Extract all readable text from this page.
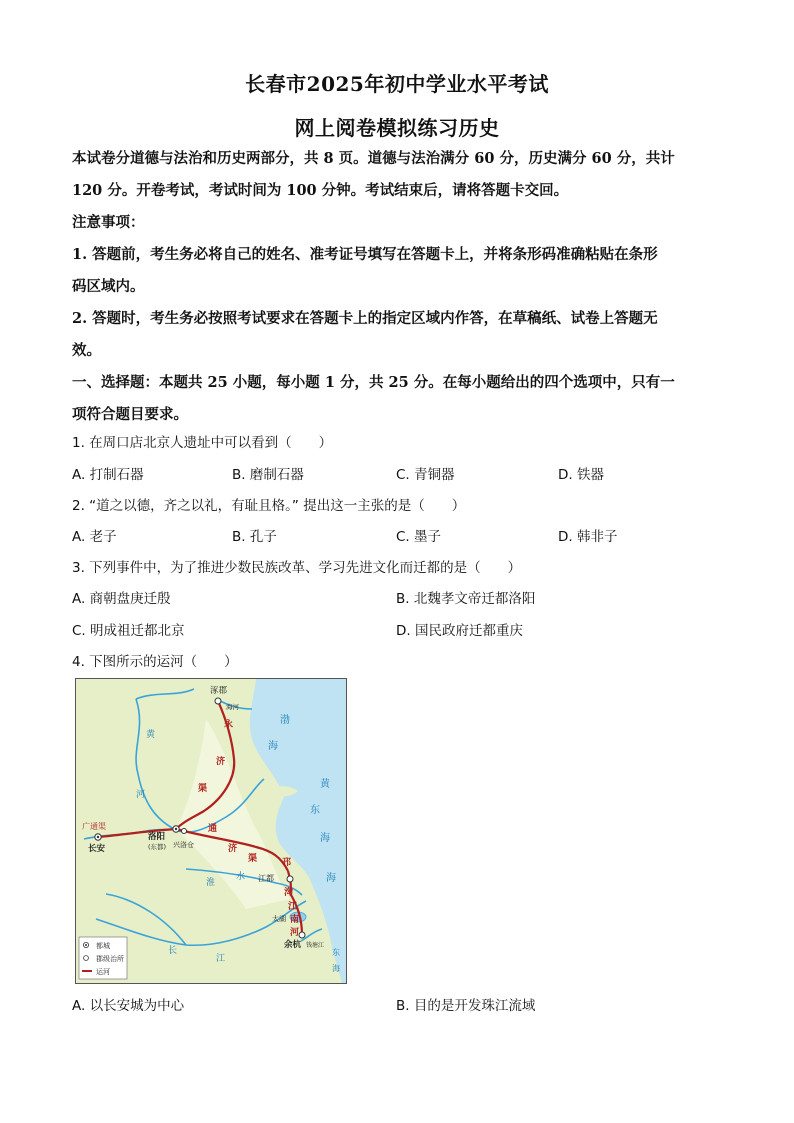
长春市2025年初中学业水平考试
网上阅卷模拟练习历史
本试卷分道德与法治和历史两部分，共 8 页。道德与法治满分 60 分，历史满分 60 分，共计
120 分。开卷考试，考试时间为 100 分钟。考试结束后，请将答题卡交回。
注意事项：
1. 答题前，考生务必将自己的姓名、准考证号填写在答题卡上，并将条形码准确粘贴在条形
码区域内。
2. 答题时，考生务必按照考试要求在答题卡上的指定区域内作答，在草稿纸、试卷上答题无
效。
一、选择题：本题共 25 小题，每小题 1 分，共 25 分。在每小题给出的四个选项中，只有一
项符合题目要求。
1. 在周口店北京人遗址中可以看到（　　）
A. 打制石器	B. 磨制石器	C. 青铜器	D. 铁器
2. “道之以德，齐之以礼，有耻且格。” 提出这一主张的是（　　）
A. 老子	B. 孔子	C. 墨子	D. 韩非子
3. 下列事件中，为了推进少数民族改革、学习先进文化而迁都的是（　　）
A. 商朝盘庚迁殷	B. 北魏孝文帝迁都洛阳
C. 明成祖迁都北京	D. 国民政府迁都重庆
4. 下图所示的运河（　　）
涿郡
海河
洛阳
(东都) 兴洛仓
长安
广通渠
江都
余杭
太湖
钱塘江
永
济
渠
通
济
渠	邗
沟
江
南
河
黄
河
淮
水
长
江
渤
海
黄
东
海
海
东
海
都城
郡级治所
运河
A. 以长安城为中心	B. 目的是开发珠江流域
